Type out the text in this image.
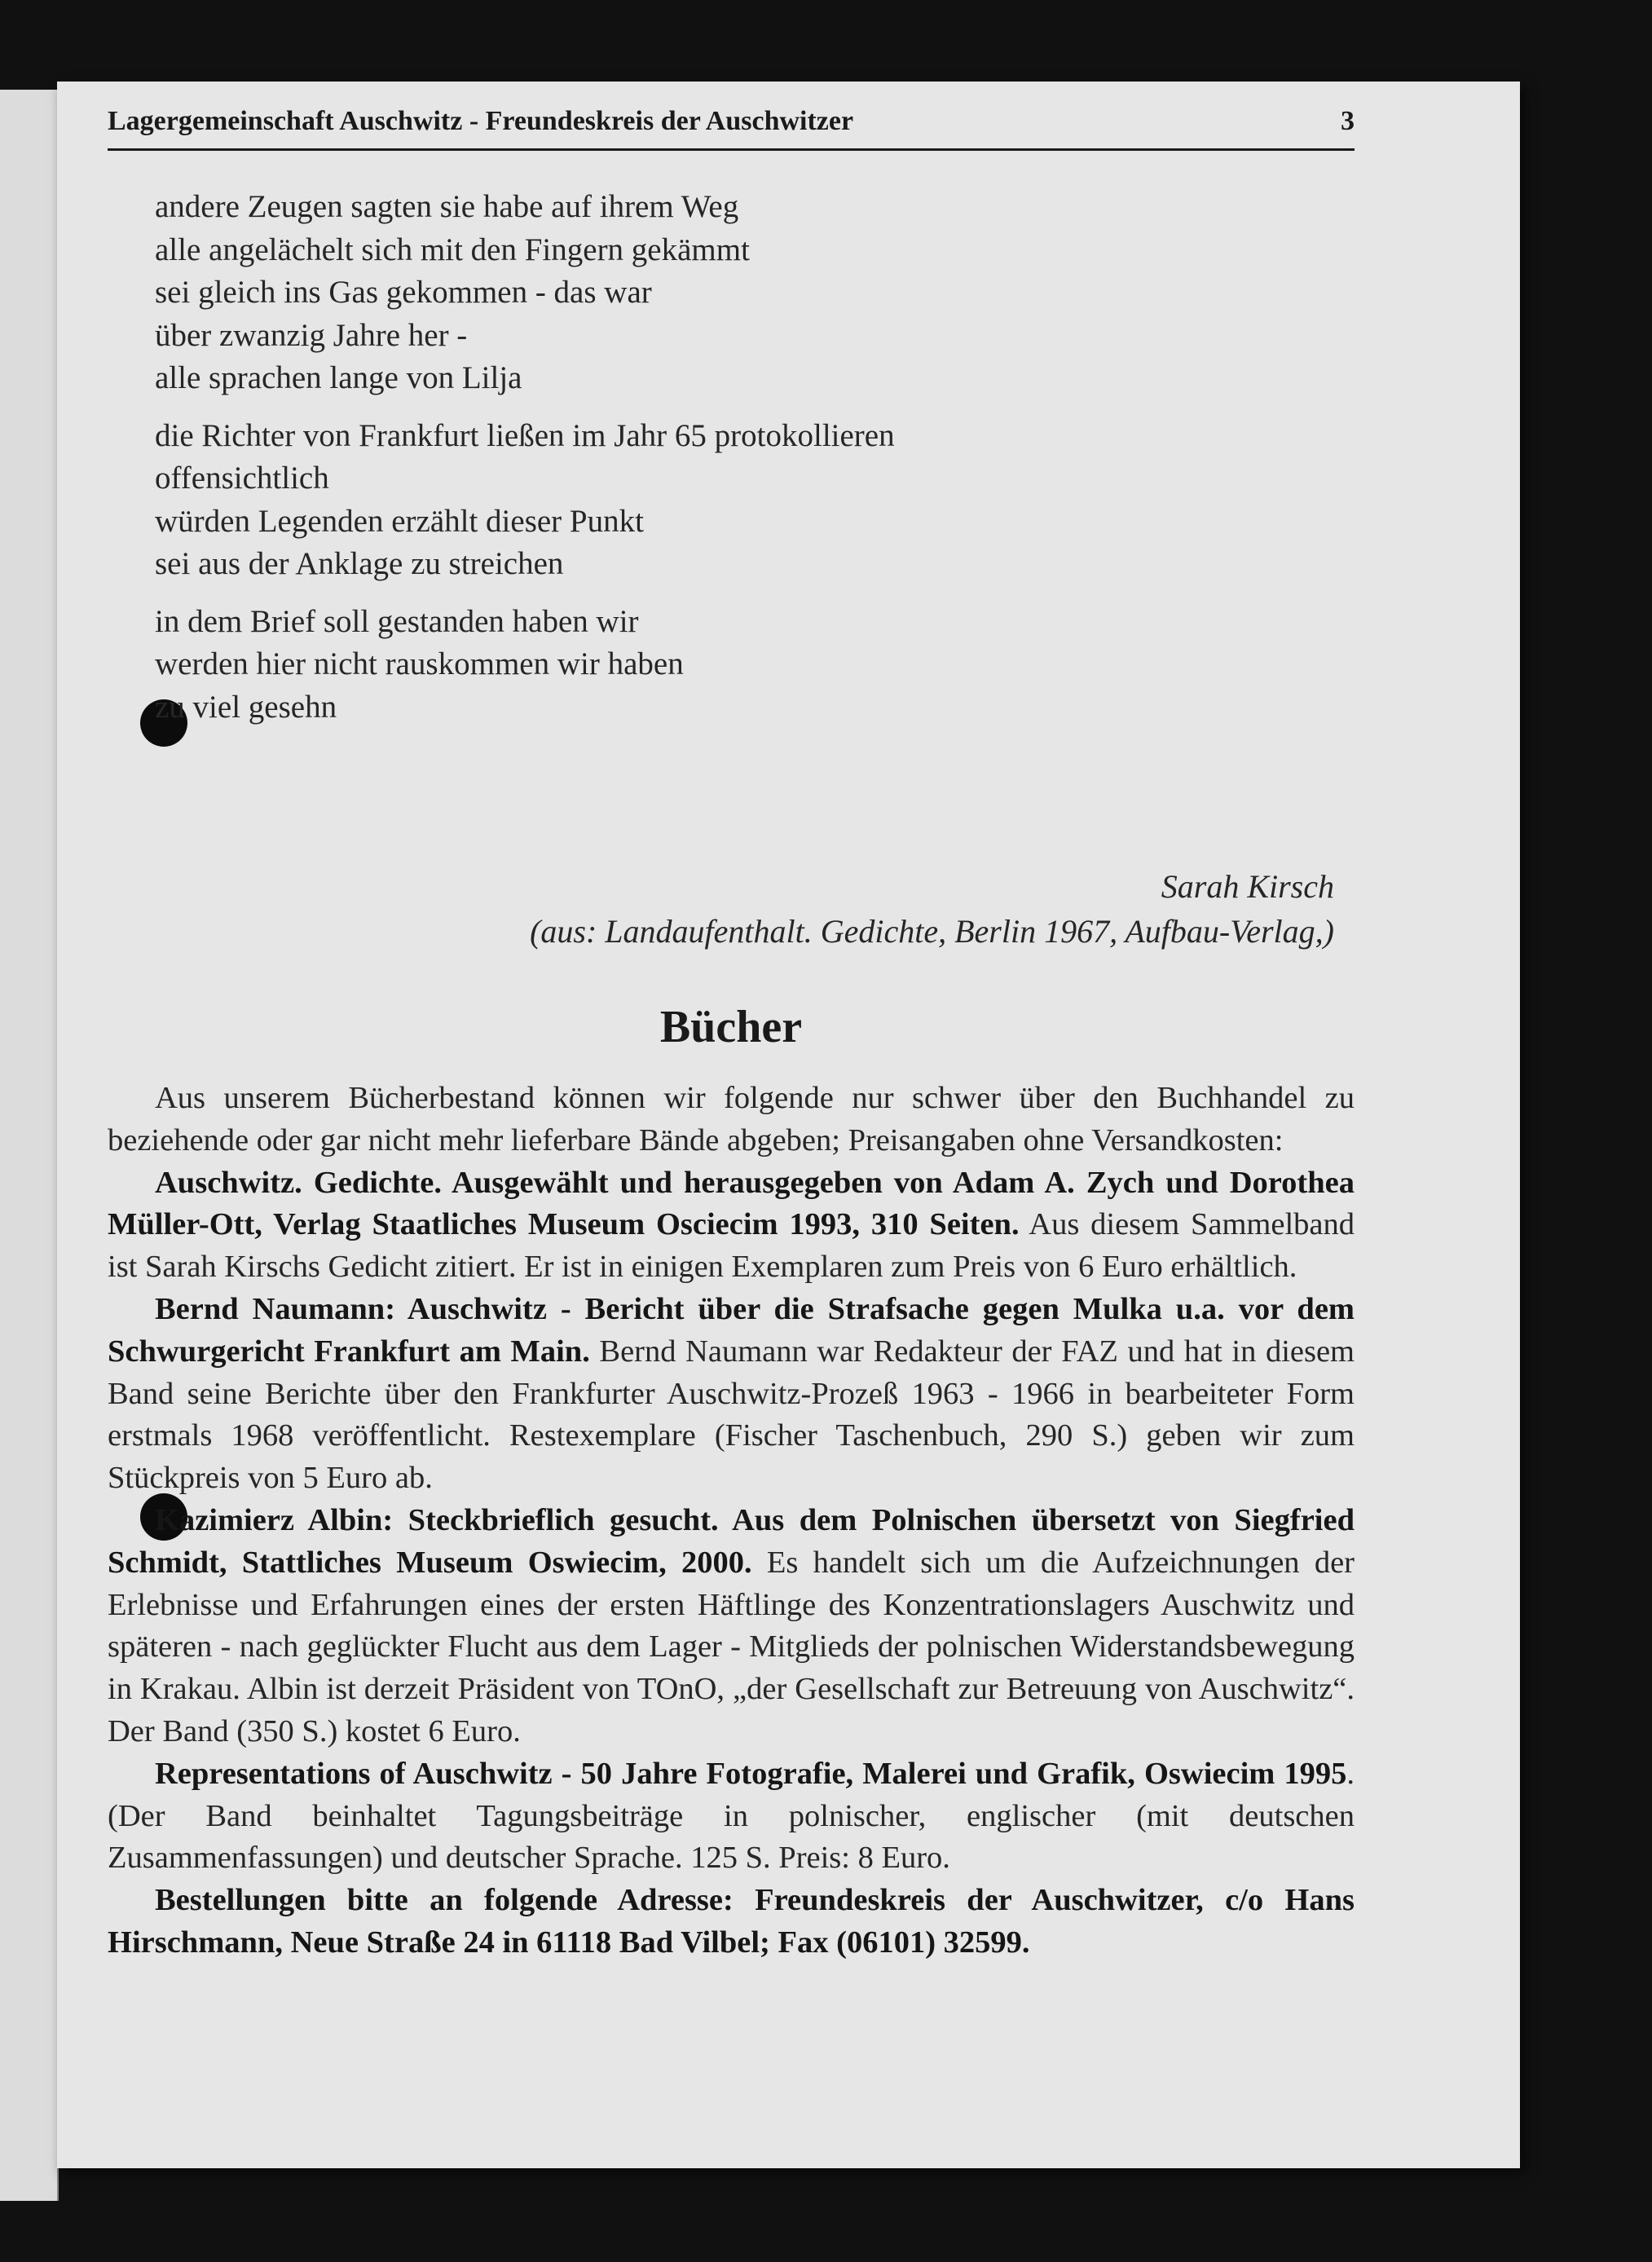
Lagergemeinschaft Auschwitz - Freundeskreis der Auschwitzer	3
andere Zeugen sagten sie habe auf ihrem Weg
alle angelächelt sich mit den Fingern gekämmt
sei gleich ins Gas gekommen - das war
über zwanzig Jahre her -
alle sprachen lange von Lilja
die Richter von Frankfurt ließen im Jahr 65 protokollieren
offensichtlich
würden Legenden erzählt dieser Punkt
sei aus der Anklage zu streichen
in dem Brief soll gestanden haben wir
werden hier nicht rauskommen wir haben
zu viel gesehn
Sarah Kirsch
(aus: Landaufenthalt. Gedichte, Berlin 1967, Aufbau-Verlag,)
Bücher

Aus unserem Bücherbestand können wir folgende nur schwer über den Buchhandel zu beziehende oder gar nicht mehr lieferbare Bände abgeben; Preisangaben ohne Versandkosten:

Auschwitz. Gedichte. Ausgewählt und herausgegeben von Adam A. Zych und Dorothea Müller-Ott, Verlag Staatliches Museum Osciecim 1993, 310 Seiten. Aus diesem Sammelband ist Sarah Kirschs Gedicht zitiert. Er ist in einigen Exemplaren zum Preis von 6 Euro erhältlich.

Bernd Naumann: Auschwitz - Bericht über die Strafsache gegen Mulka u.a. vor dem Schwurgericht Frankfurt am Main. Bernd Naumann war Redakteur der FAZ und hat in diesem Band seine Berichte über den Frankfurter Auschwitz-Prozeß 1963 - 1966 in bearbeiteter Form erstmals 1968 veröffentlicht. Restexemplare (Fischer Taschenbuch, 290 S.) geben wir zum Stückpreis von 5 Euro ab.

Kazimierz Albin: Steckbrieflich gesucht. Aus dem Polnischen übersetzt von Siegfried Schmidt, Stattliches Museum Oswiecim, 2000. Es handelt sich um die Aufzeichnungen der Erlebnisse und Erfahrungen eines der ersten Häftlinge des Konzentrationslagers Auschwitz und späteren - nach geglückter Flucht aus dem Lager - Mitglieds der polnischen Widerstandsbewegung in Krakau. Albin ist derzeit Präsident von TOnO, „der Gesellschaft zur Betreuung von Auschwitz“. Der Band (350 S.) kostet 6 Euro.

Representations of Auschwitz - 50 Jahre Fotografie, Malerei und Grafik, Oswiecim 1995. (Der Band beinhaltet Tagungsbeiträge in polnischer, englischer (mit deutschen Zusammenfassungen) und deutscher Sprache. 125 S. Preis: 8 Euro.

Bestellungen bitte an folgende Adresse: Freundeskreis der Auschwitzer, c/o Hans Hirschmann, Neue Straße 24 in 61118 Bad Vilbel; Fax (06101) 32599.
